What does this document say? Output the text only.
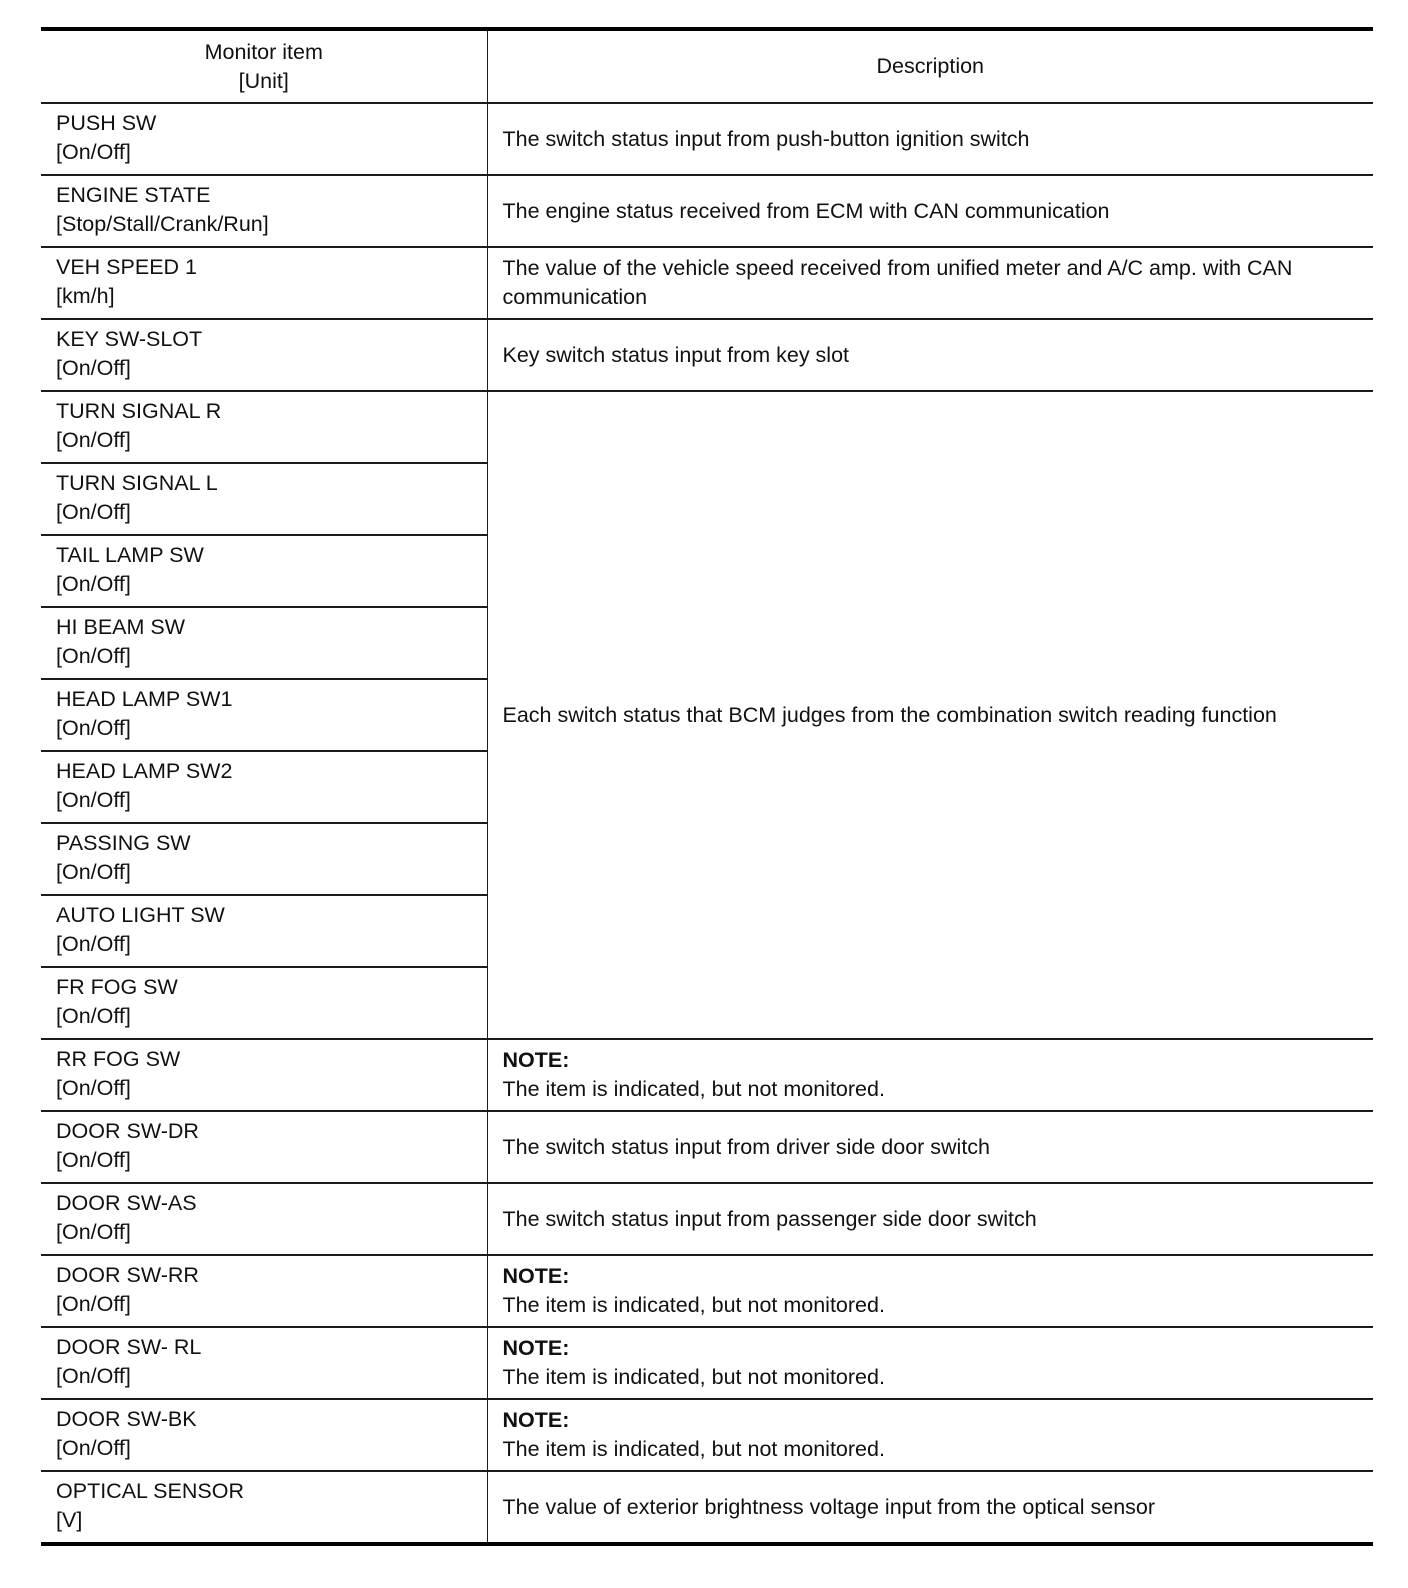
Monitor item
[Unit]	Description

PUSH SW
[On/Off]	The switch status input from push-button ignition switch

ENGINE STATE
[Stop/Stall/Crank/Run]	The engine status received from ECM with CAN communication

VEH SPEED 1
[km/h]	The value of the vehicle speed received from unified meter and A/C amp. with CAN communication

KEY SW-SLOT
[On/Off]	Key switch status input from key slot

TURN SIGNAL R
[On/Off]	Each switch status that BCM judges from the combination switch reading function

TURN SIGNAL L
[On/Off]	

TAIL LAMP SW
[On/Off]	

HI BEAM SW
[On/Off]	

HEAD LAMP SW1
[On/Off]	

HEAD LAMP SW2
[On/Off]	

PASSING SW
[On/Off]	

AUTO LIGHT SW
[On/Off]	

FR FOG SW
[On/Off]	

RR FOG SW
[On/Off]	NOTE:
The item is indicated, but not monitored.

DOOR SW-DR
[On/Off]	The switch status input from driver side door switch

DOOR SW-AS
[On/Off]	The switch status input from passenger side door switch

DOOR SW-RR
[On/Off]	NOTE:
The item is indicated, but not monitored.

DOOR SW- RL
[On/Off]	NOTE:
The item is indicated, but not monitored.

DOOR SW-BK
[On/Off]	NOTE:
The item is indicated, but not monitored.

OPTICAL SENSOR
[V]	The value of exterior brightness voltage input from the optical sensor
